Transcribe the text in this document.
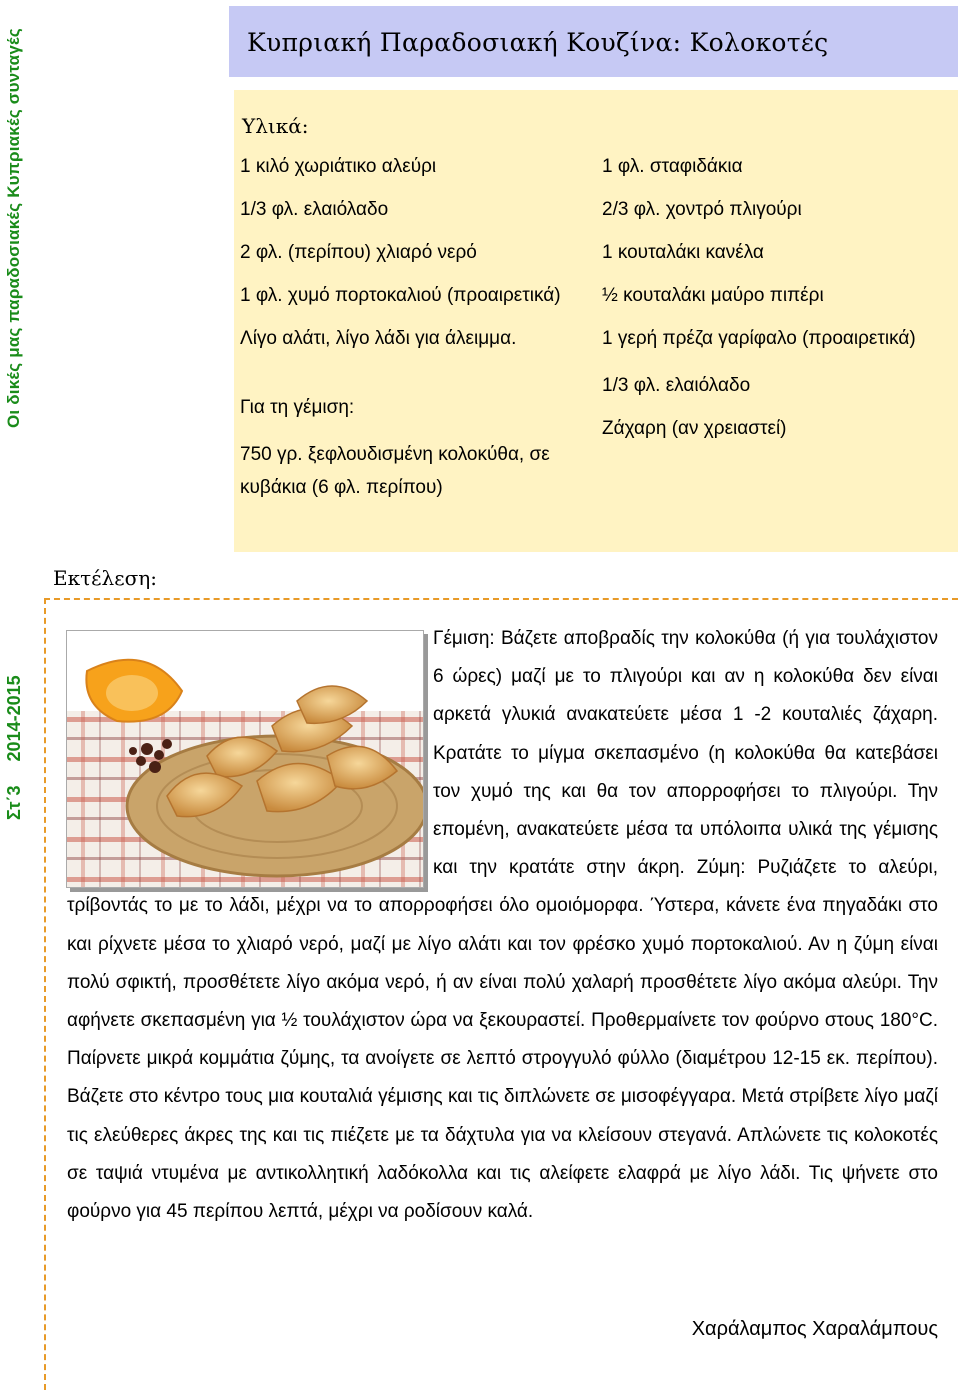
Οι δικές μας παραδοσιακές Κυπριακές συνταγές
Στ΄32014-2015
Κυπριακή Παραδοσιακή Κουζίνα: Κολοκοτές
Υλικά:

1 κιλό χωριάτικο αλεύρι

1/3 φλ. ελαιόλαδο

2 φλ. (περίπου) χλιαρό νερό

1 φλ. χυμό πορτοκαλιού (προαιρετικά)

Λίγο αλάτι, λίγο λάδι για άλειμμα.

Για τη γέμιση:

750 γρ. ξεφλουδισμένη κολοκύθα, σε κυβάκια (6 φλ. περίπου)

1 φλ. σταφιδάκια

2/3 φλ. χοντρό πλιγούρι

1 κουταλάκι κανέλα

½ κουταλάκι μαύρο πιπέρι

1 γερή πρέζα γαρίφαλο (προαιρετικά)

1/3 φλ. ελαιόλαδο

Ζάχαρη (αν χρειαστεί)

Εκτέλεση:

Γέμιση: Βάζετε αποβραδίς την κολοκύθα (ή για τουλάχιστον 6 ώρες) μαζί με το πλιγούρι και αν η κολοκύθα δεν είναι αρκετά γλυκιά ανακατεύετε μέσα 1 -2 κουταλιές ζάχαρη. Κρατάτε το μίγμα σκεπασμένο (η κολοκύθα θα κατεβάσει τον χυμό της και θα τον απορροφήσει το πλιγούρι. Την επομένη, ανακατεύετε μέσα τα υπόλοιπα υλικά της γέμισης και την κρατάτε στην άκρη. Ζύμη: Ρυζιάζετε το αλεύρι, τρίβοντάς το με το λάδι, μέχρι να το απορροφήσει όλο ομοιόμορφα. Ύστερα, κάνετε ένα πηγαδάκι στο και ρίχνετε μέσα το χλιαρό νερό, μαζί με λίγο αλάτι και τον φρέσκο χυμό πορτοκαλιού. Αν η ζύμη είναι πολύ σφικτή, προσθέτετε λίγο ακόμα νερό, ή αν είναι πολύ χαλαρή προσθέτετε λίγο ακόμα αλεύρι. Την αφήνετε σκεπασμένη για ½ τουλάχιστον ώρα να ξεκουραστεί. Προθερμαίνετε τον φούρνο στους 180°C. Παίρνετε μικρά κομμάτια ζύμης, τα ανοίγετε σε λεπτό στρογγυλό φύλλο (διαμέτρου 12-15 εκ. περίπου). Βάζετε στο κέντρο τους μια κουταλιά γέμισης και τις διπλώνετε σε μισοφέγγαρα. Μετά στρίβετε λίγο μαζί τις ελεύθερες άκρες της και τις πιέζετε με τα δάχτυλα για να κλείσουν στεγανά. Απλώνετε τις κολοκοτές σε ταψιά ντυμένα με αντικολλητική λαδόκολλα και τις αλείφετε ελαφρά με λίγο λάδι. Τις ψήνετε στο φούρνο για 45 περίπου λεπτά, μέχρι να ροδίσουν καλά.

Χαράλαμπος Χαραλάμπους
